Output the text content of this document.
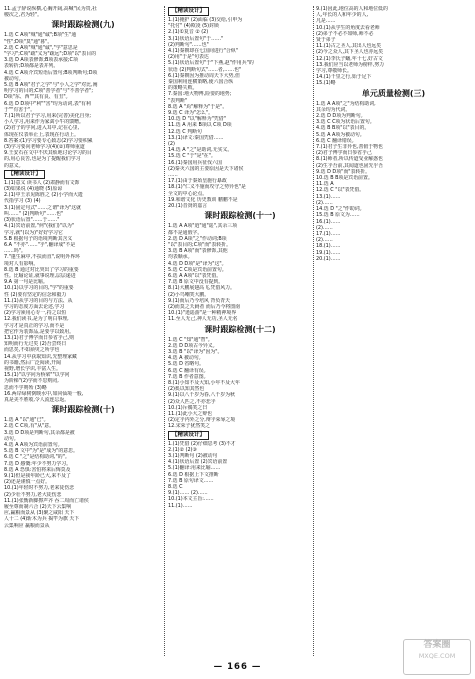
11.孟子辞说纵横,心胸开阔,高喊"民为贵,社
稷次之,君为轻"。
课时跟踪检测(九)
1.选 C A项"城"通"诚";B项"生"通
"性";D项"莫"通"暮"。
2.选 C A项"城"通"诚","学"意思是
"学习";C项"疏"义为"疏远";D项"以"表目的
3.选 D A项表修饰;B项表承接;C项
表转折;D项都是表并列。
4.选 C A项介宾短语后置句;B项判断句;D项
被动句。
5.选 B A项"君子之学"与"小人之学"对比,阐
明学习的目的;C项"善学者"与"不善学者";
D项"东、西""其有良、有丑"。
6.选 D D项中"利""害"均为动词,表"有利
于""有害于"。
7.(1)所以君子学习,用来(完善)美化自身;
小人学习,用来作为家禽小牛的馈赠。
(2)君子的学问,进入耳中,记在心里,
体现在仪表举止上,表现在行动上。
8.答案:(1)学习要专心致志(2)学习要积累
(3)学习要向老师学习(4)(②)尊师重道
9.王安石在文中不厌其烦地讨论学习的目
的,用心良苦,也是为了提醒我们学习
的意义。
【精读设计】
1.(1)意义 读书人 (2)肃静而有文饰
(3)如果说 (4)通晓 (5)原谅
2.(1)中王亲见陈胜之 (2)小学而大遗
代指学习 (3) (4)
3.(1)固定句式"……之谓"译为"这就
叫……" (2)判断句"……也"
(3)状语后置"……于……"
4.(1)宾语前置,"何"(我们)"以为"
学习,就"(以为)"好好学习它
5.B 根据句子的语境判断其含义
6.A "不亦"……"乎",翻译成"不是
……吗"。
7."蓬生麻中,不扶而直",说明外界环
境对人有影响。
8.选 B 通过对比突出了学习的重要
性。比喻论证,就事说理,层层递进
9.A 第一句是比喻。
10.(1)以学习的目的,"学"的重要
性 (2)要有坚定的信念和毅力
11.(1)从学习的目的与方法、从
学习的态度方面去论述,学习
(2)学习须用心专一,持之以恒
12.我们读书,是为了明白事理,
学习才是真正的学习,而不是
把它作为装饰品,是要学以致用。
13.(1)君子博学而日参省乎己,则
知明而行无过矣 (2)吾尝终日
而思矣,不如须臾之所学也
14.从学习中获取知识,先整理家藏
的书籍,然后广泛阅读,开阔
视野,增长学识,丰富人生。
15.(1)"以学问为桥梁""以学问
为阶梯"(2)学而不思则罔,
思而不学则殆 (3)略
16.两岸绿树倒映水中,如同仙境一般,
真是美不胜收,令人流连忘返。
课时跟踪检测(十)
1.选 A "以"通"已"。
2.选 C C项,有"从"意。
3.选 D D项是判断句,其余都是被
动句。
4.选 A A项为宾语前置句。
5.选 B 文中"为"是"成为"的意思。
6.选 C "之"是结构助词,"的"。
7.选 D 感慨:年少不努力学习。
8.选 A 恐惧:害怕将来后悔莫及
9.(1)但是我年龄已大,来不及了
(2)还是谨慎一点好。
10.(1)年轻时不努力,老来徒伤悲
(2)少壮不努力,老大徒伤悲
11.(1)张衡新脚擦声齐 吞二周而亡诸侯
履至尊而制六合 (2)天下云集响
应,赢粮而景从 (3)聚之咸阳 天下
人十二 (4)斩木为兵 揭竿为旗 天下
云集响应 赢粮而景从
【精读设计】
1.(1)掩护 (2)面临 (3)交给,引申为
"托付" (4)欺凌 (5)封锁
2.(1)①复音 ② (2)
3.(1)状语后置句"于……"
(2)判断句"……也"
4.(1)秦朝却在七国间进行"合纵"
(2)用"于是"句表达
5.(1)状语后置句"于"下燕,赵"作用兵"的
状语 (2)判断句式"……者,……也"
6.(1)秦朝因为推动周天下大势,但
秦国利用连横策略,使六国合纵
的策略失败。
7.秦国:地大物博,险要的地势;
"表判断"
8.选 A "焉"解释为"于是"。
9.选 C 译为"怎么"。
10.选 D "以"解释为"凭借"
11.选 A 用来 B项以 C项 D项
12.选 C 判断句
13.(1)译文:秦国凭借……
(2)
14.选 A "之"是助词,无实义。
15.选 C "于"是"在"。
16.(1)秦国用兵征伐六国
(2)秦灭六国的主要原因是天下诸侯
……
17.(1)由于秦始皇施行暴政
18.(1)"仁义不施而攻守之势异也"是
全文的中心论点。
19.和谐文化 历史教训 鹏鹏不是
20.(1)昔贤的嘉言
课时跟踪检测(十一)
1.选 A A项"逍"通"遥",其余三项
都不是通假字。
2.选 D A项"之"作动词;B项
"以"表目的;C项"而"表转折。
3.选 B A项"而"表修饰,其他
均表顺承。
4.选 D D项"是"译为"这"。
5.选 C C项是宾语前置句。
6.选 A A项"以"表凭借。
7.选 B 原文中没有提到。
8.(1)大鹏展翅高飞,凭借风力。
(2)小鸟嘲笑大鹏。
9.(1)而后乃今培风 背负青天
(2)而莫之夭阏者 而后乃今将图南
10.(1)"逍遥游"是一种精神境界
11.至人无己,神人无功,圣人无名
课时跟踪检测(十二)
1.选 C "知"通"智"。
2.选 D D项古今异义。
3.选 B "以"译为"因为"。
4.选 A 被动句。
5.选 D 省略句。
6.选 C 翻译有误。
7.选 B 作者意图。
8.(1)小知不及大知,小年不及大年
(2)奚以知其然也
9.(1)以八千岁为春,八千岁为秋
(2)众人匹之,不亦悲乎
10.(1)斥鷃笑之曰
11.(1)此小大之辩也
(2)定乎内外之分,辩乎荣辱之境
12.宋荣子犹然笑之
【精读设计】
1.(1)凭借 (2)仔细思考 (3)不才
2.(1)② (2)③
3.(1)判断句 (2)被动句
4.(1)状语后置 (2)宾语前置
5.(1)翻译:用来比喻……
6.选 D 根据上下文推断
7.选 B 原句译文……
8.选 C
9.(1)…… (2)……
10.(1)本文主旨:……
11.(1)……
9.(1)因此,地位高的人和地位低的
人,年长的人和年少的人,
凡是……
10.(1)从学生的角度去看老师
(2)弟子不必不如师,师不必
贤于弟子
11.(1)古之圣人,其出人也远矣
(2)今之众人,其下圣人也亦远矣
12.(1)李氏子蟠,年十七,好古文
13.我们应当以老师为榜样,努力
学习,尊敬师长。
14.(1)千里之行,始于足下
15.(1)略
单元质量检测(三)
1.选 A A项"之"为结构助词,
其余均为代词。
2.选 D D项为判断句。
3.选 C C项为状语后置句。
4.选 B B项"以"表目的。
5.选 A A项为被动句。
6.选 C 翻译错误。
7.(1)君子生非异也,善假于物也
(2)君子博学而日参省乎己
8.(1)师者,所以传道受业解惑也
(2)生乎吾前,其闻道也固先乎吾
9.选 D D项"而"表转折。
10.选 B B项是宾语前置。
11.选 A
12.选 C "以"表凭借。
13.(1)……
(2)……
14.选 D "之"作助词。
15.选 B 原文为……
16.(1)……
(2)……
17.(1)……
(2)……
18.(1)……
19.(1)……
20.(1)……
— 166 —
答案圈
MXQE.COM
